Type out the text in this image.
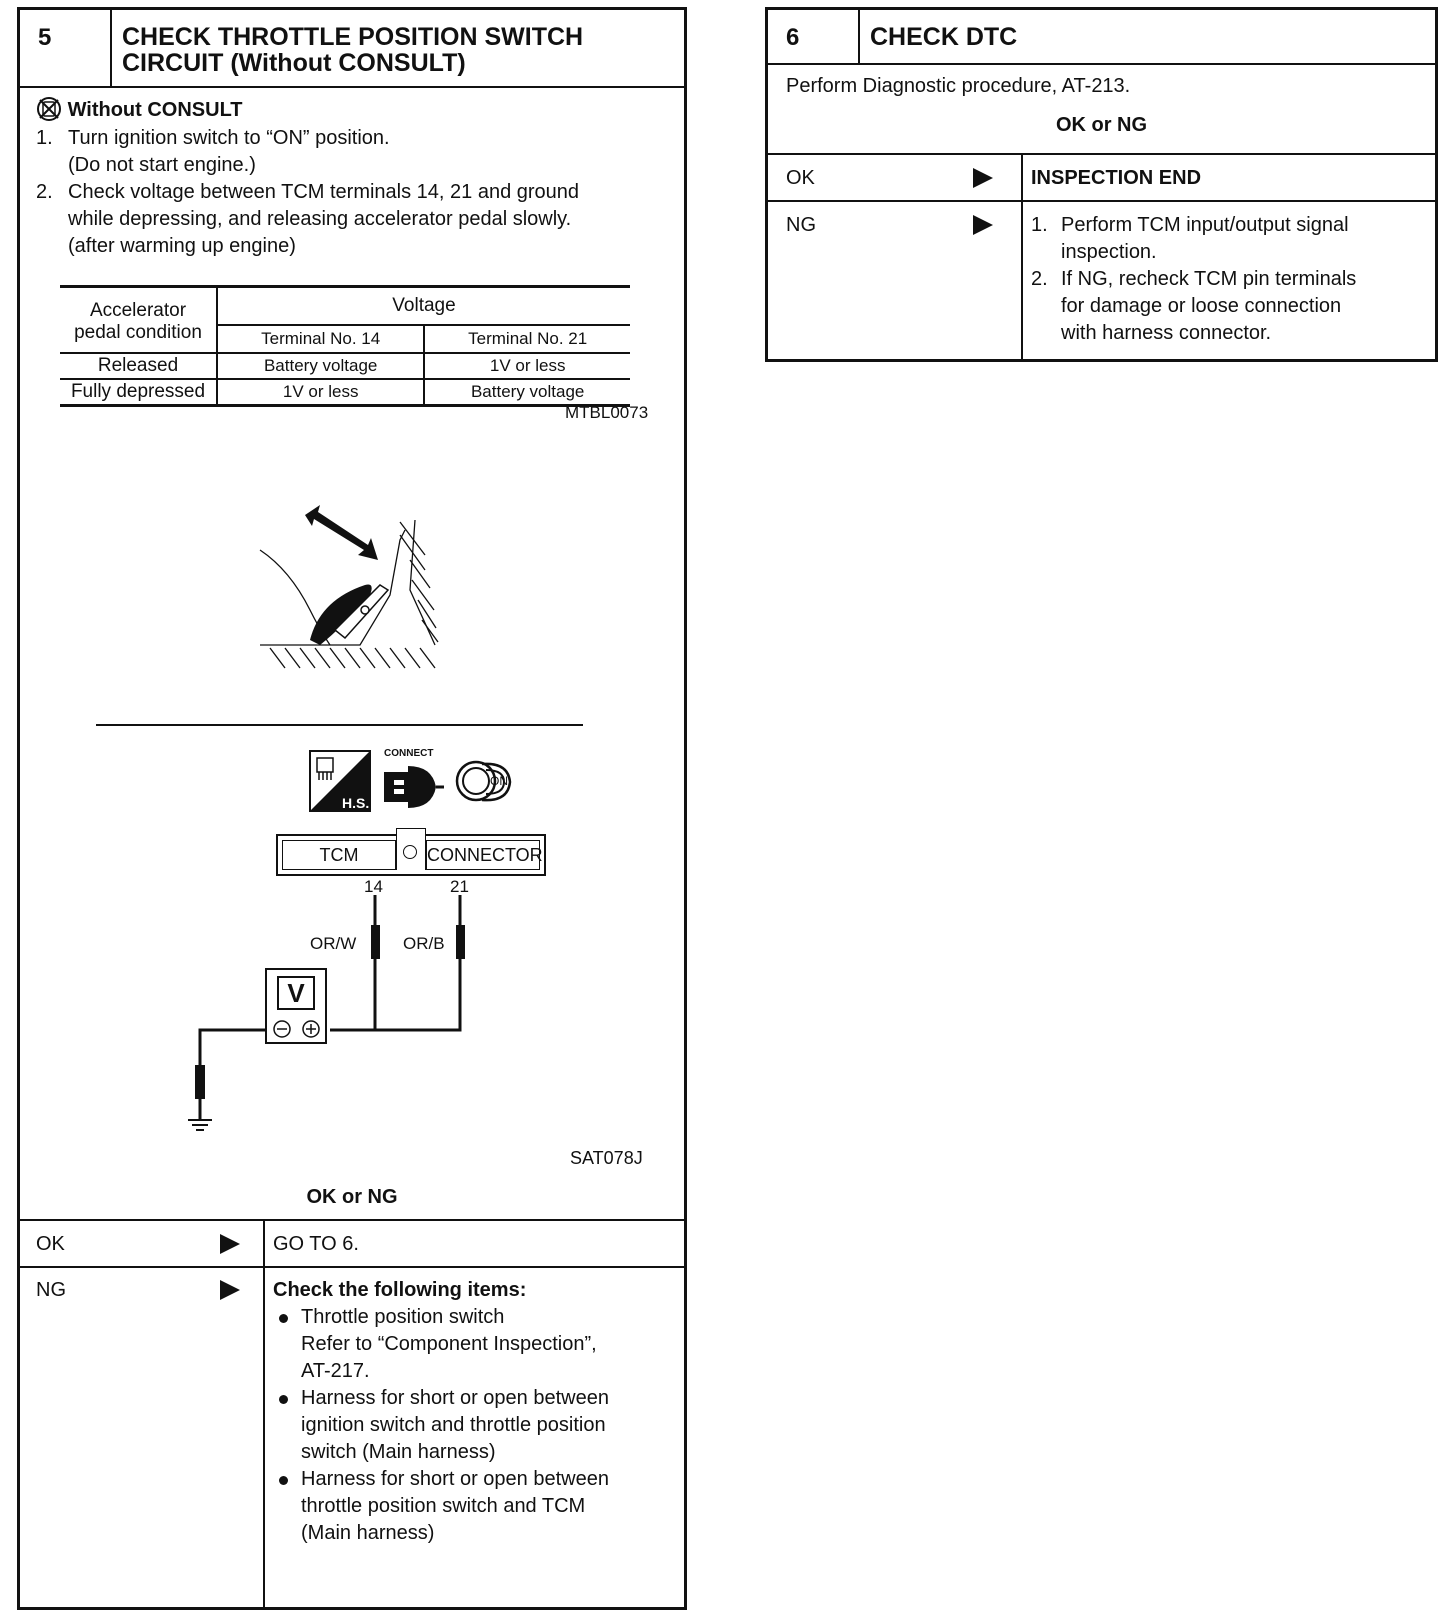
5	CHECK THROTTLE POSITION SWITCH
CIRCUIT (Without CONSULT)
Without CONSULT
1. Turn ignition switch to “ON” position.
(Do not start engine.)
2. Check voltage between TCM terminals 14, 21 and ground
while depressing, and releasing accelerator pedal slowly.
(after warming up engine)
Accelerator
pedal condition	Voltage	
	Terminal No. 14	Terminal No. 21
Released	Battery voltage	1V or less
Fully depressed	1V or less	Battery voltage
MTBL0073
H.S.
CONNECT
ON
TCM	CONNECTOR
14	21
OR/W	OR/B
V
SAT078J
OK or NG
OK	GO TO 6.
NG	Check the following items:
Throttle position switch
Refer to “Component Inspection”,
AT-217.
Harness for short or open between
ignition switch and throttle position
switch (Main harness)
Harness for short or open between
throttle position switch and TCM
(Main harness)
6	CHECK DTC
Perform Diagnostic procedure, AT-213.
OK or NG
OK	INSPECTION END
NG	1. Perform TCM input/output signal
inspection.
2. If NG, recheck TCM pin terminals
for damage or loose connection
with harness connector.
